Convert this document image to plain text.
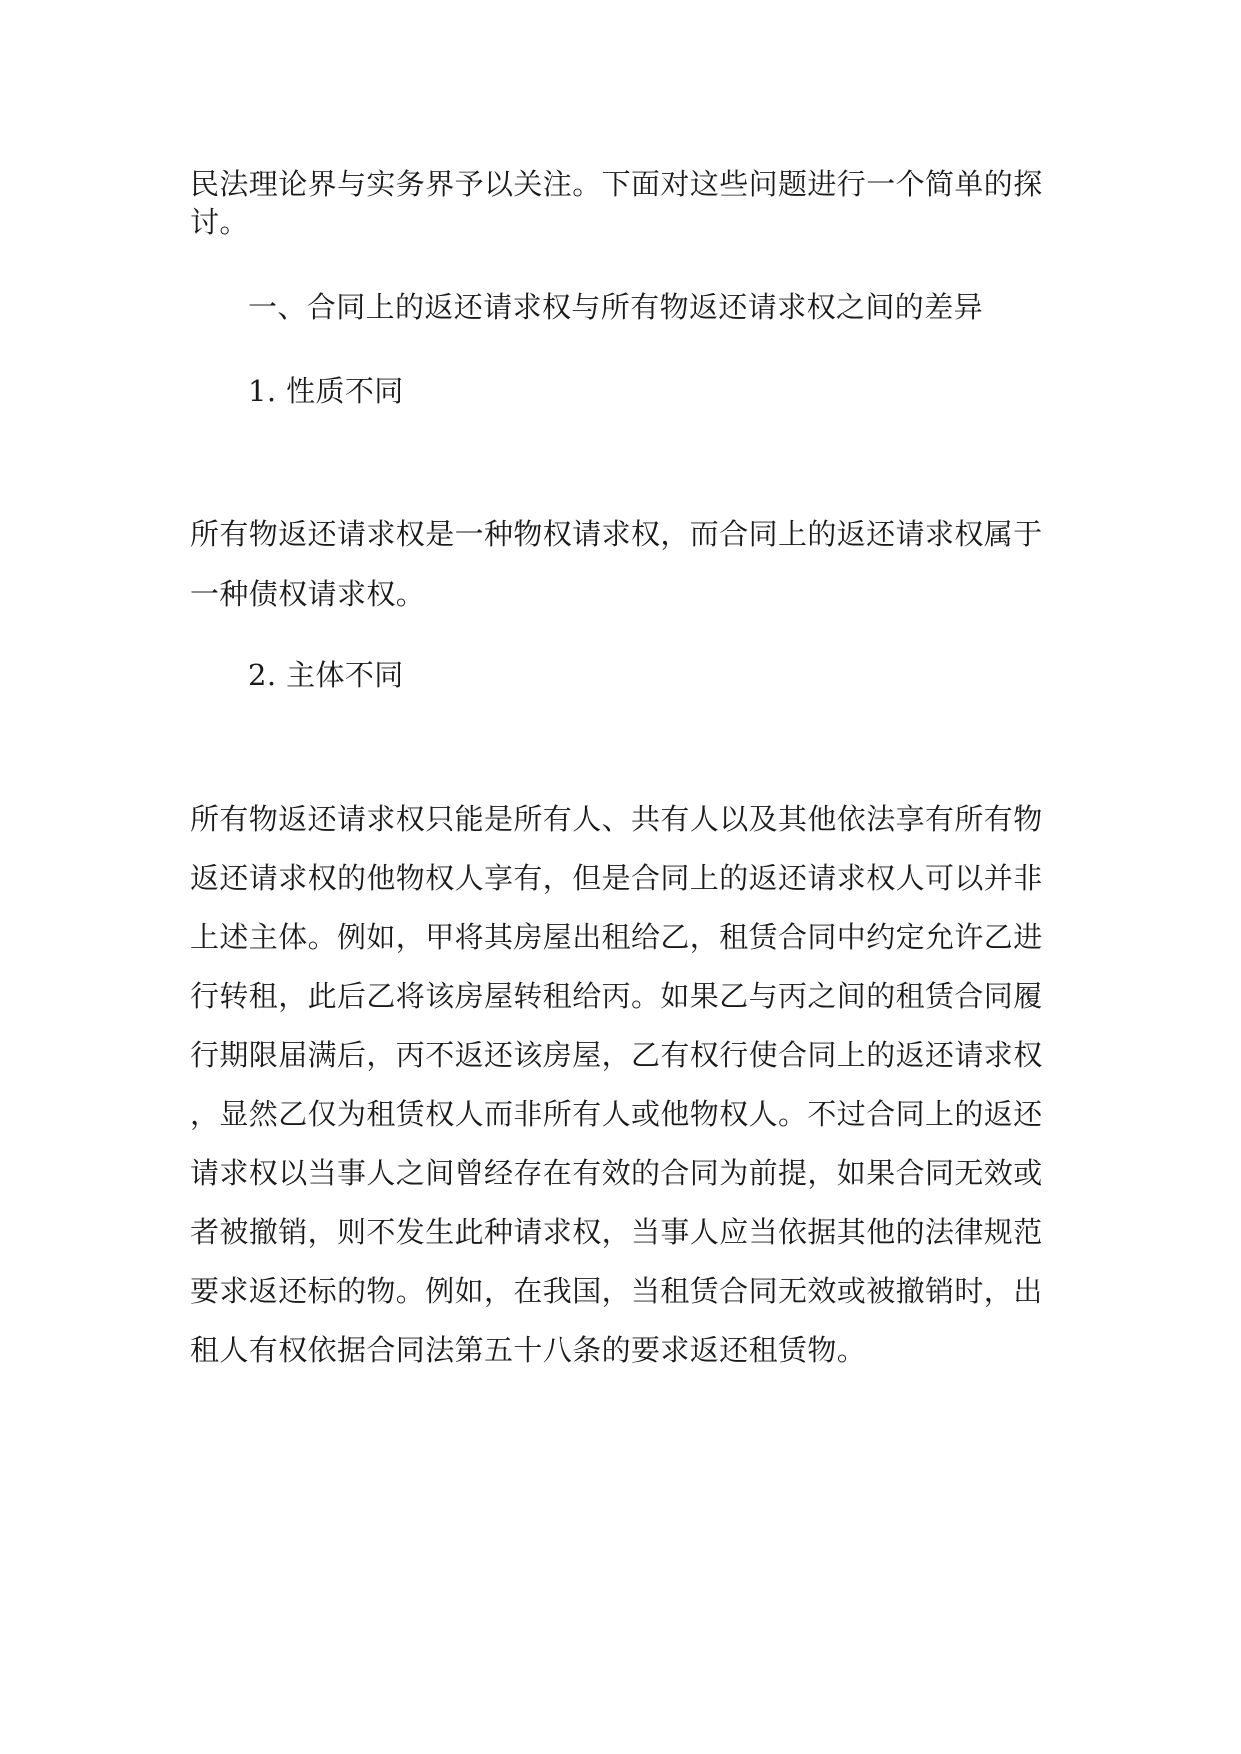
民法理论界与实务界予以关注。下面对这些问题进行一个简单的探
讨。
一、合同上的返还请求权与所有物返还请求权之间的差异
1. 性质不同
所有物返还请求权是一种物权请求权，而合同上的返还请求权属于
一种债权请求权。
2. 主体不同
所有物返还请求权只能是所有人、共有人以及其他依法享有所有物
返还请求权的他物权人享有，但是合同上的返还请求权人可以并非
上述主体。例如，甲将其房屋出租给乙，租赁合同中约定允许乙进
行转租，此后乙将该房屋转租给丙。如果乙与丙之间的租赁合同履
行期限届满后，丙不返还该房屋，乙有权行使合同上的返还请求权
，显然乙仅为租赁权人而非所有人或他物权人。不过合同上的返还
请求权以当事人之间曾经存在有效的合同为前提，如果合同无效或
者被撤销，则不发生此种请求权，当事人应当依据其他的法律规范
要求返还标的物。例如，在我国，当租赁合同无效或被撤销时，出
租人有权依据合同法第五十八条的要求返还租赁物。
